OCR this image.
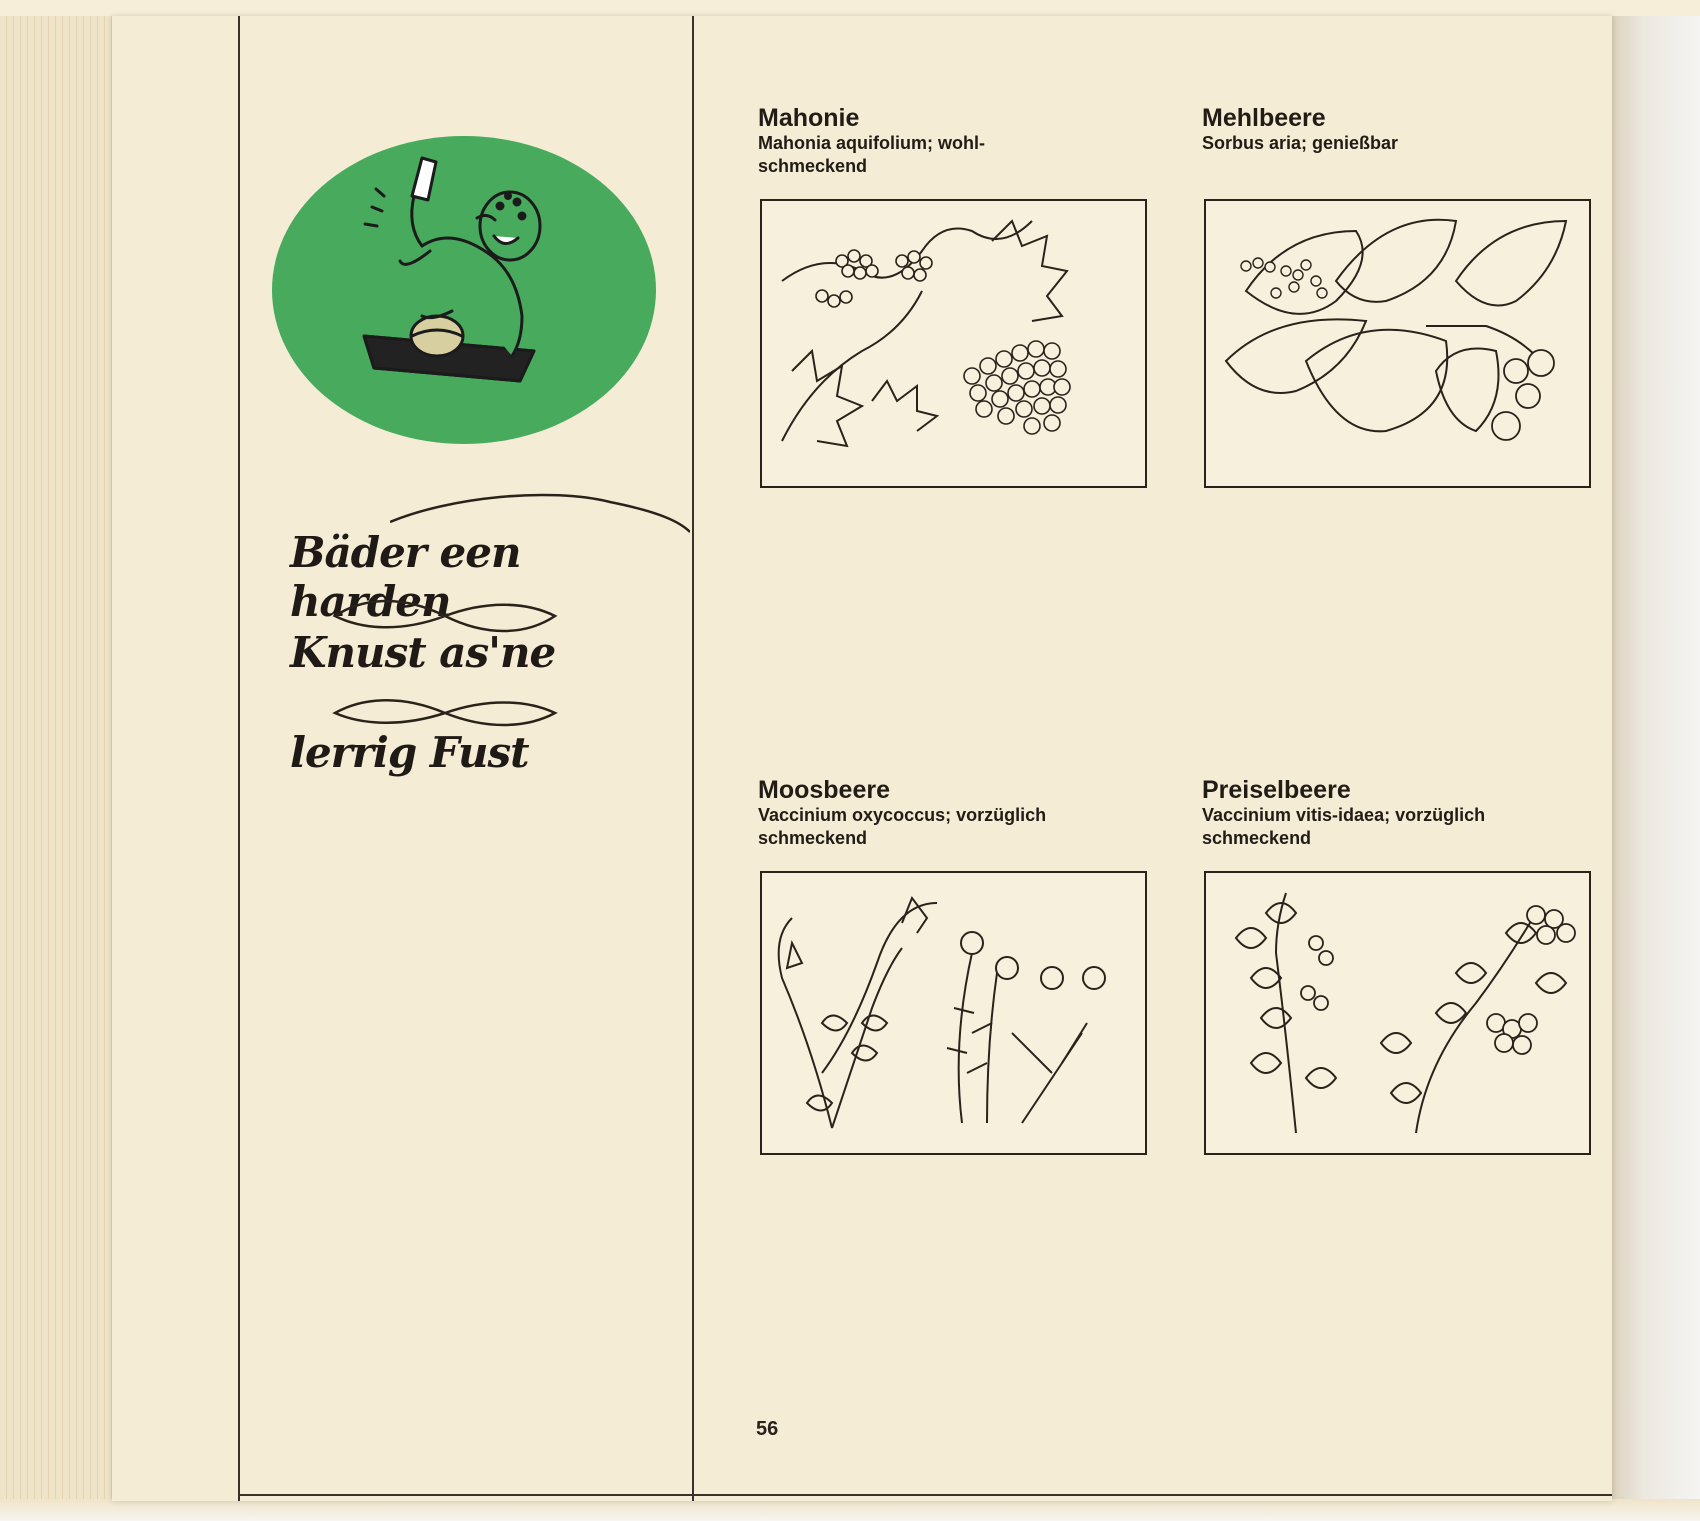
Bäder een harden
Knust as'ne
lerrig Fust
Mahonie

Mahonia aquifolium; wohl-schmeckend

Mehlbeere

Sorbus aria; genießbar

Moosbeere

Vaccinium oxycoccus; vorzüglich schmeckend

Preiselbeere

Vaccinium vitis-idaea; vorzüglich schmeckend

56
